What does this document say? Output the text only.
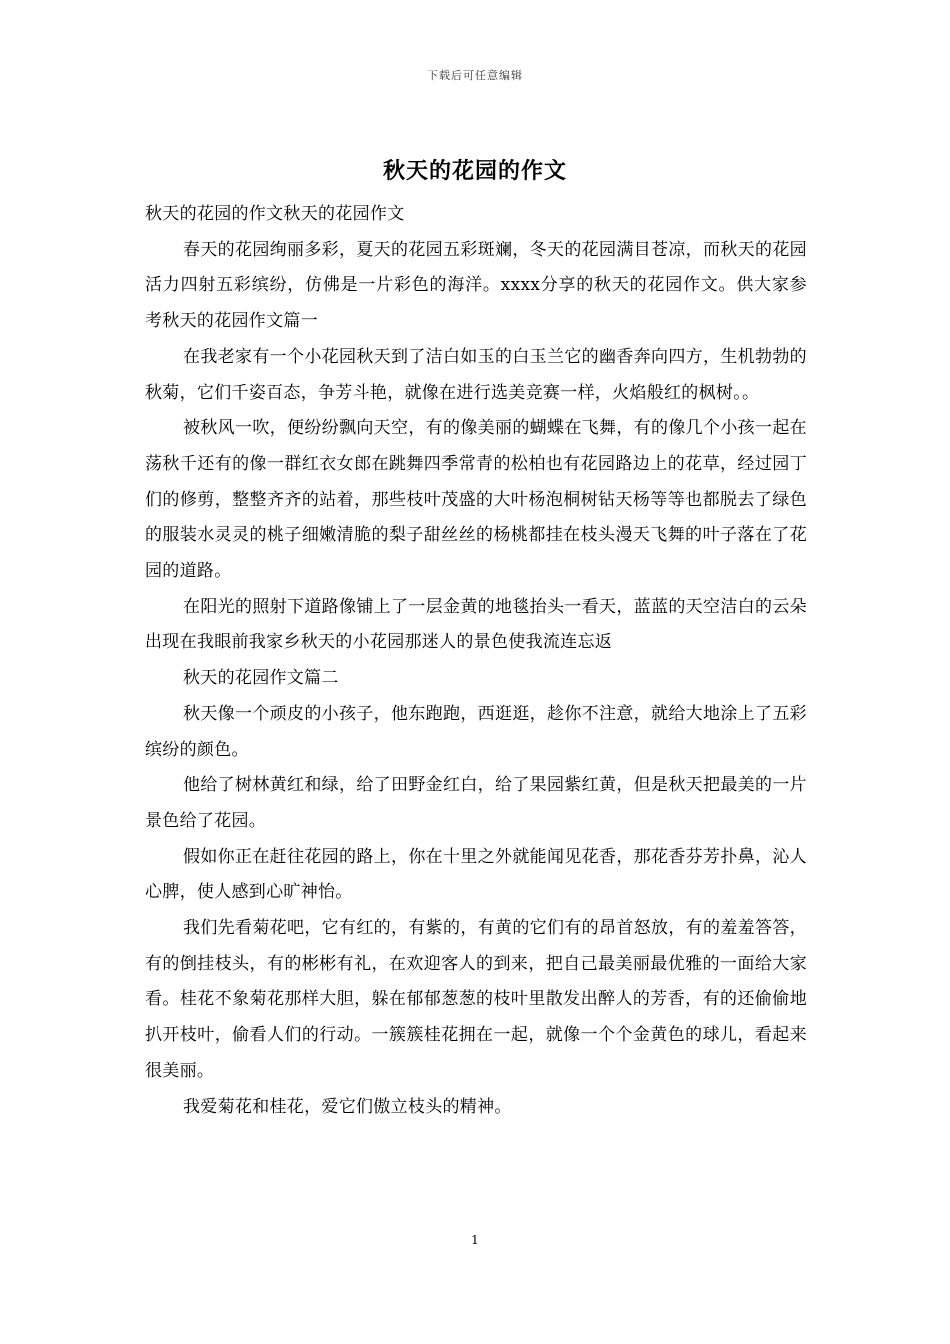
下载后可任意编辑
秋天的花园的作文

秋天的花园的作文秋天的花园作文

春天的花园绚丽多彩，夏天的花园五彩斑斓，冬天的花园满目苍凉，而秋天的花园活力四射五彩缤纷，仿佛是一片彩色的海洋。xxxx分享的秋天的花园作文。供大家参考秋天的花园作文篇一

在我老家有一个小花园秋天到了洁白如玉的白玉兰它的幽香奔向四方，生机勃勃的秋菊，它们千姿百态，争芳斗艳，就像在进行选美竞赛一样，火焰般红的枫树。。

被秋风一吹，便纷纷飘向天空，有的像美丽的蝴蝶在飞舞，有的像几个小孩一起在荡秋千还有的像一群红衣女郎在跳舞四季常青的松柏也有花园路边上的花草，经过园丁们的修剪，整整齐齐的站着，那些枝叶茂盛的大叶杨泡桐树钻天杨等等也都脱去了绿色的服装水灵灵的桃子细嫩清脆的梨子甜丝丝的杨桃都挂在枝头漫天飞舞的叶子落在了花园的道路。

在阳光的照射下道路像铺上了一层金黄的地毯抬头一看天，蓝蓝的天空洁白的云朵出现在我眼前我家乡秋天的小花园那迷人的景色使我流连忘返

秋天的花园作文篇二

秋天像一个顽皮的小孩子，他东跑跑，西逛逛，趁你不注意，就给大地涂上了五彩缤纷的颜色。

他给了树林黄红和绿，给了田野金红白，给了果园紫红黄，但是秋天把最美的一片景色给了花园。

假如你正在赶往花园的路上，你在十里之外就能闻见花香，那花香芬芳扑鼻，沁人心脾，使人感到心旷神怡。

我们先看菊花吧，它有红的，有紫的，有黄的它们有的昂首怒放，有的羞羞答答，有的倒挂枝头，有的彬彬有礼，在欢迎客人的到来，把自己最美丽最优雅的一面给大家看。桂花不象菊花那样大胆，躲在郁郁葱葱的枝叶里散发出醉人的芳香，有的还偷偷地扒开枝叶，偷看人们的行动。一簇簇桂花拥在一起，就像一个个金黄色的球儿，看起来很美丽。

我爱菊花和桂花，爱它们傲立枝头的精神。

1
